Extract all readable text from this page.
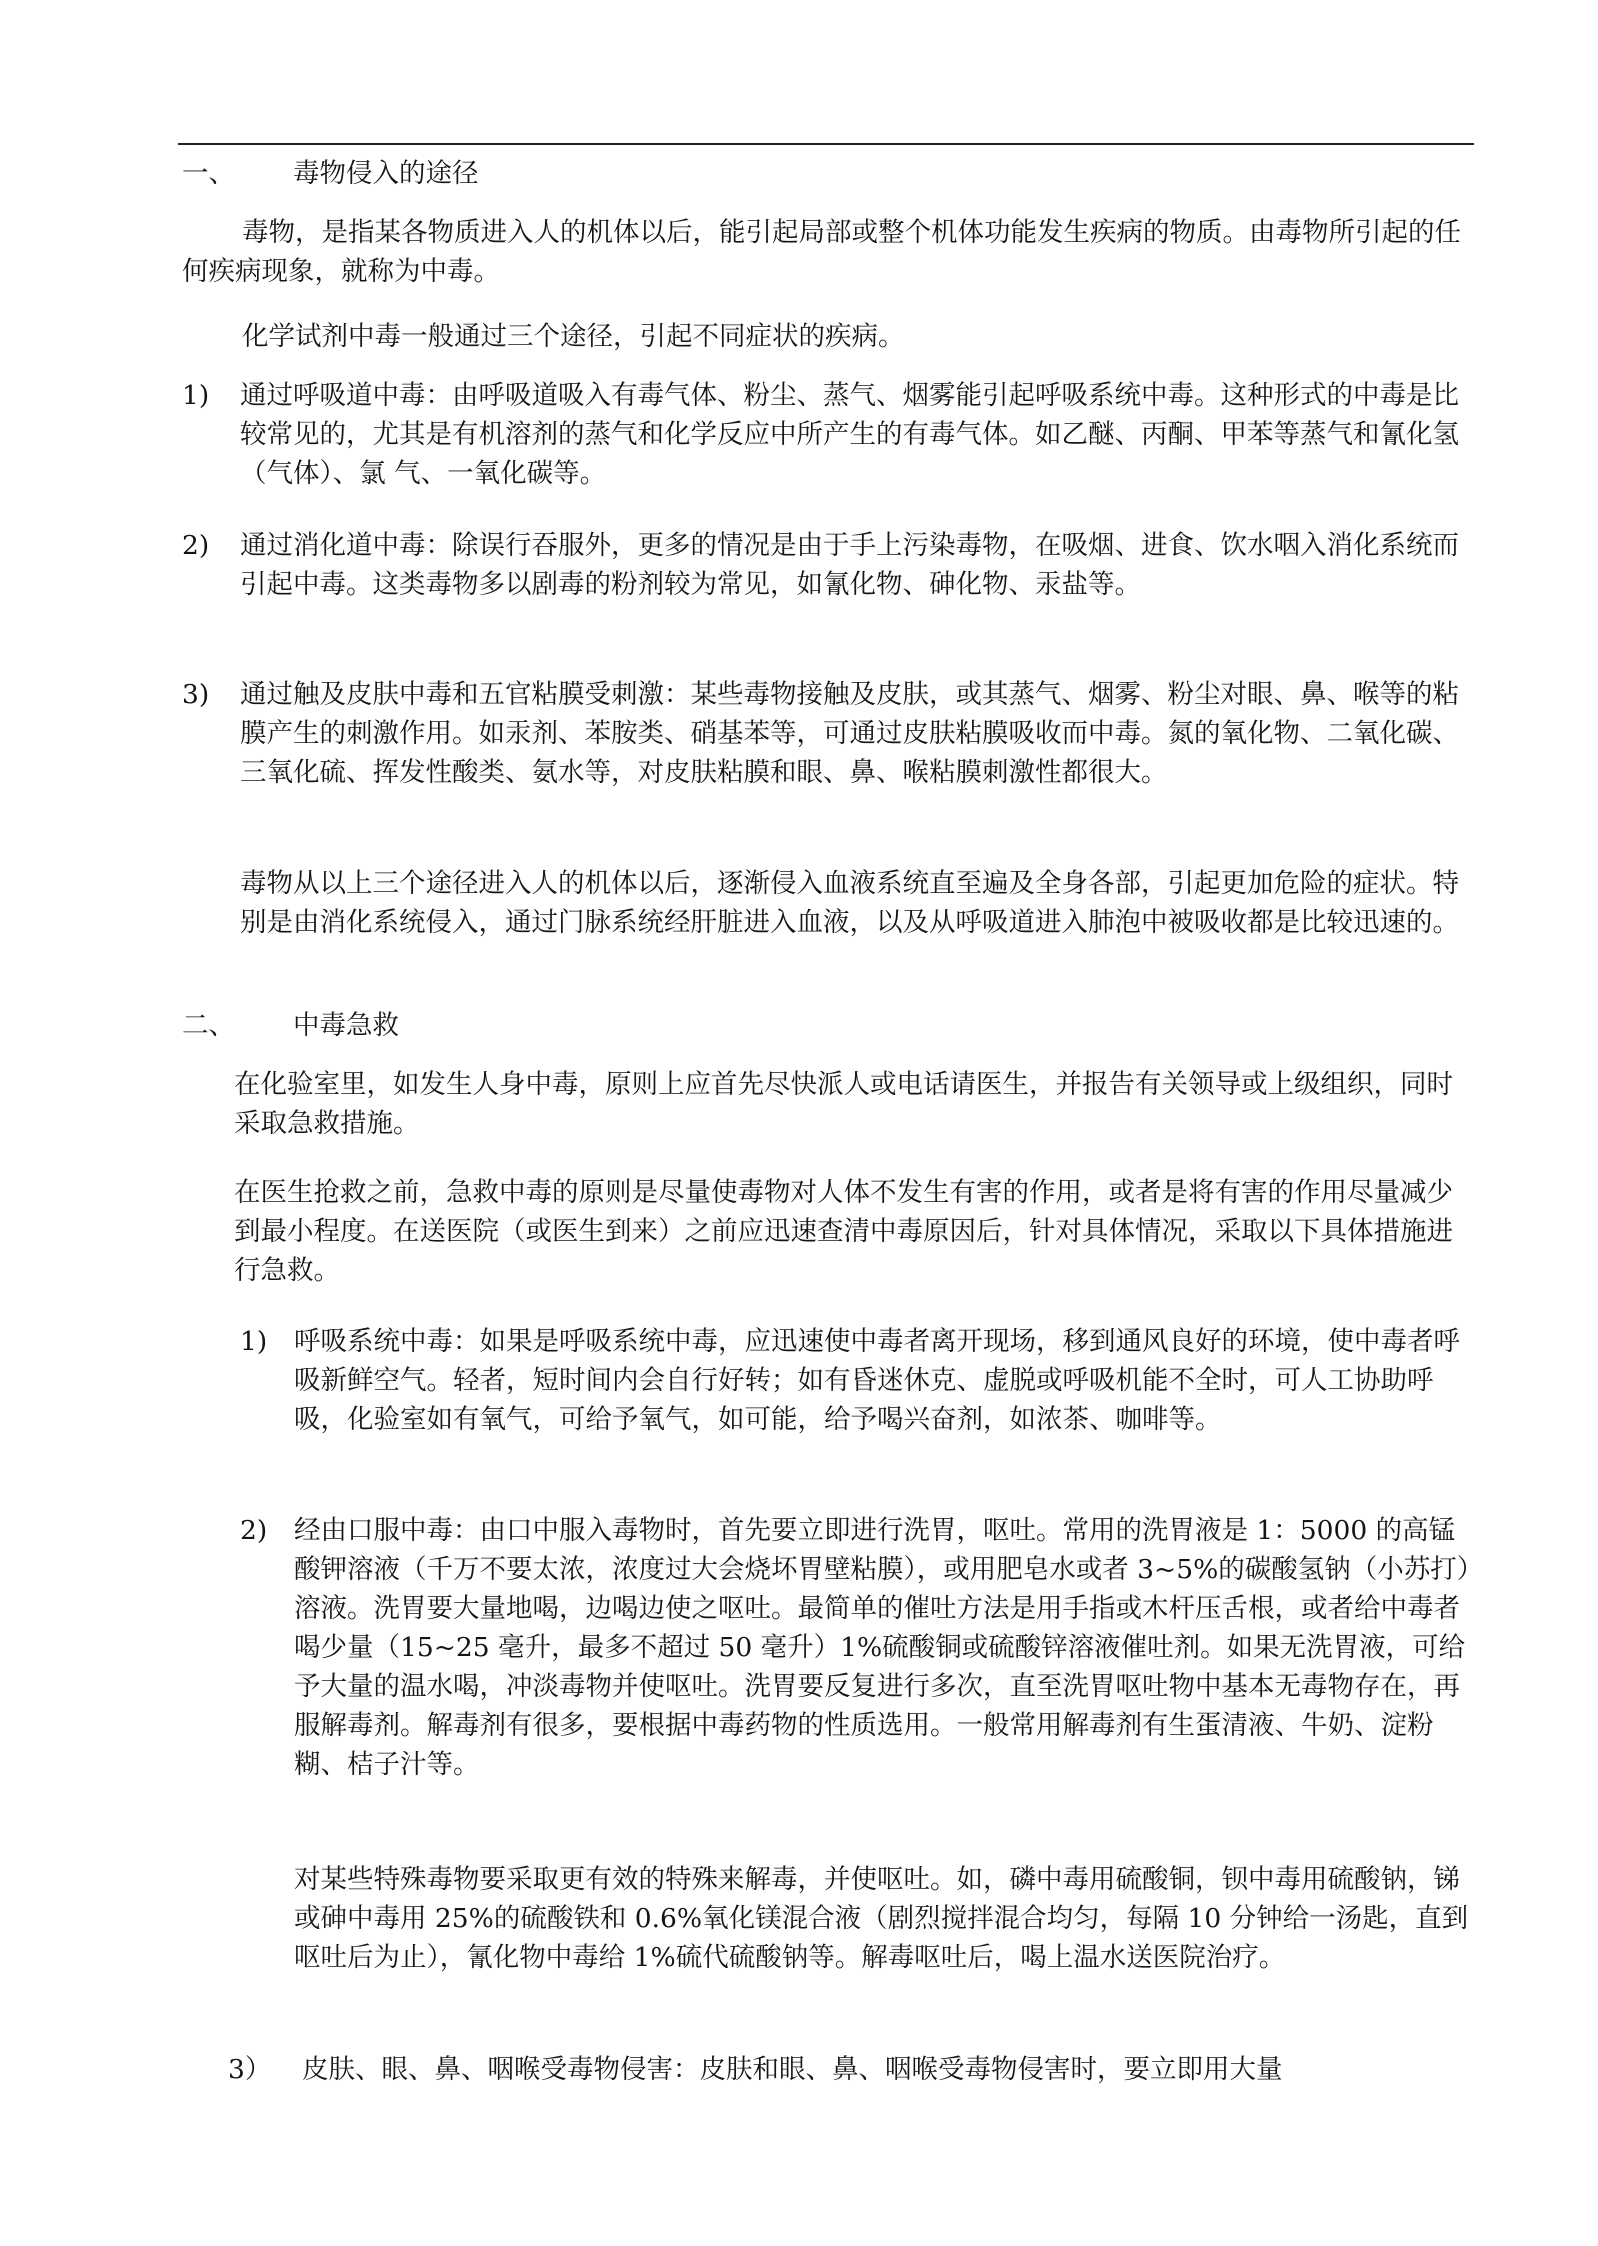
一、 毒物侵入的途径

毒物，是指某各物质进入人的机体以后，能引起局部或整个机体功能发生疾病的物质。由毒物所引起的任何疾病现象，就称为中毒。

化学试剂中毒一般通过三个途径，引起不同症状的疾病。

1) 通过呼吸道中毒：由呼吸道吸入有毒气体、粉尘、蒸气、烟雾能引起呼吸系统中毒。这种形式的中毒是比较常见的，尤其是有机溶剂的蒸气和化学反应中所产生的有毒气体。如乙醚、丙酮、甲苯等蒸气和氰化氢（气体）、氯 气、一氧化碳等。

2) 通过消化道中毒：除误行吞服外，更多的情况是由于手上污染毒物，在吸烟、进食、饮水咽入消化系统而引起中毒。这类毒物多以剧毒的粉剂较为常见，如氰化物、砷化物、汞盐等。

3) 通过触及皮肤中毒和五官粘膜受刺激：某些毒物接触及皮肤，或其蒸气、烟雾、粉尘对眼、鼻、喉等的粘膜产生的刺激作用。如汞剂、苯胺类、硝基苯等，可通过皮肤粘膜吸收而中毒。氮的氧化物、二氧化碳、三氧化硫、挥发性酸类、氨水等，对皮肤粘膜和眼、鼻、喉粘膜刺激性都很大。

毒物从以上三个途径进入人的机体以后，逐渐侵入血液系统直至遍及全身各部，引起更加危险的症状。特别是由消化系统侵入，通过门脉系统经肝脏进入血液，以及从呼吸道进入肺泡中被吸收都是比较迅速的。

二、 中毒急救

在化验室里，如发生人身中毒，原则上应首先尽快派人或电话请医生，并报告有关领导或上级组织，同时采取急救措施。

在医生抢救之前，急救中毒的原则是尽量使毒物对人体不发生有害的作用，或者是将有害的作用尽量减少到最小程度。在送医院（或医生到来）之前应迅速查清中毒原因后，针对具体情况，采取以下具体措施进行急救。

1) 呼吸系统中毒：如果是呼吸系统中毒，应迅速使中毒者离开现场，移到通风良好的环境，使中毒者呼吸新鲜空气。轻者，短时间内会自行好转；如有昏迷休克、虚脱或呼吸机能不全时，可人工协助呼吸，化验室如有氧气，可给予氧气，如可能，给予喝兴奋剂，如浓茶、咖啡等。

2) 经由口服中毒：由口中服入毒物时，首先要立即进行洗胃，呕吐。常用的洗胃液是 1：5000 的高锰酸钾溶液（千万不要太浓，浓度过大会烧坏胃壁粘膜），或用肥皂水或者 3~5%的碳酸氢钠（小苏打）溶液。洗胃要大量地喝，边喝边使之呕吐。最简单的催吐方法是用手指或木杆压舌根，或者给中毒者喝少量（15~25 毫升，最多不超过 50 毫升）1%硫酸铜或硫酸锌溶液催吐剂。如果无洗胃液，可给予大量的温水喝，冲淡毒物并使呕吐。洗胃要反复进行多次，直至洗胃呕吐物中基本无毒物存在，再服解毒剂。解毒剂有很多，要根据中毒药物的性质选用。一般常用解毒剂有生蛋清液、牛奶、淀粉糊、桔子汁等。

对某些特殊毒物要采取更有效的特殊来解毒，并使呕吐。如，磷中毒用硫酸铜，钡中毒用硫酸钠，锑或砷中毒用 25%的硫酸铁和 0.6%氧化镁混合液（剧烈搅拌混合均匀，每隔 10 分钟给一汤匙，直到呕吐后为止），氰化物中毒给 1%硫代硫酸钠等。解毒呕吐后，喝上温水送医院治疗。

3） 皮肤、眼、鼻、咽喉受毒物侵害：皮肤和眼、鼻、咽喉受毒物侵害时，要立即用大量
